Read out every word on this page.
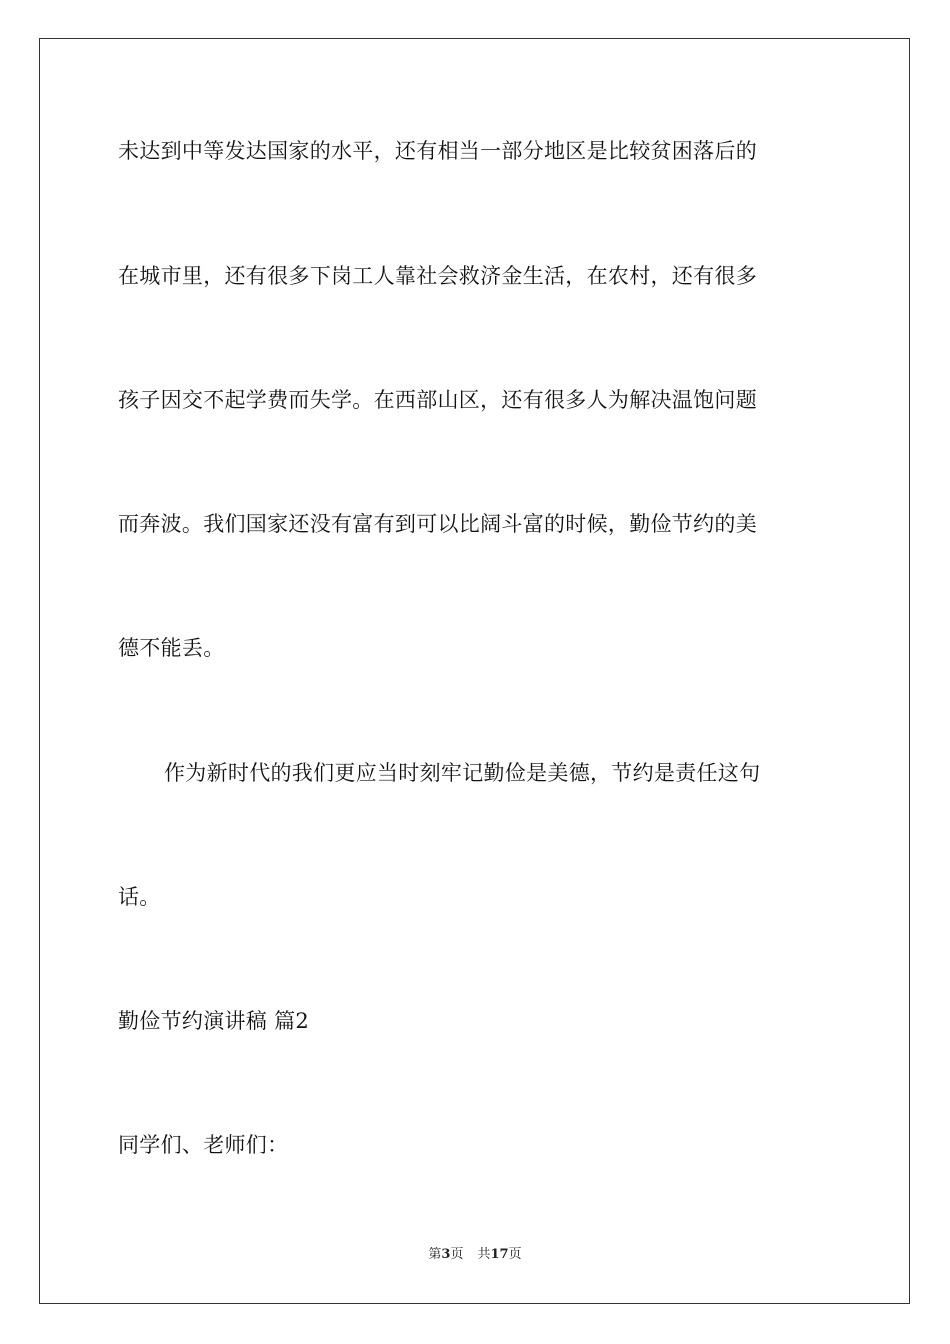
未达到中等发达国家的水平，还有相当一部分地区是比较贫困落后的
在城市里，还有很多下岗工人靠社会救济金生活，在农村，还有很多
孩子因交不起学费而失学。在西部山区，还有很多人为解决温饱问题
而奔波。我们国家还没有富有到可以比阔斗富的时候，勤俭节约的美
德不能丢。
作为新时代的我们更应当时刻牢记勤俭是美德，节约是责任这句
话。
勤俭节约演讲稿 篇2
同学们、老师们：
第3页 共17页
